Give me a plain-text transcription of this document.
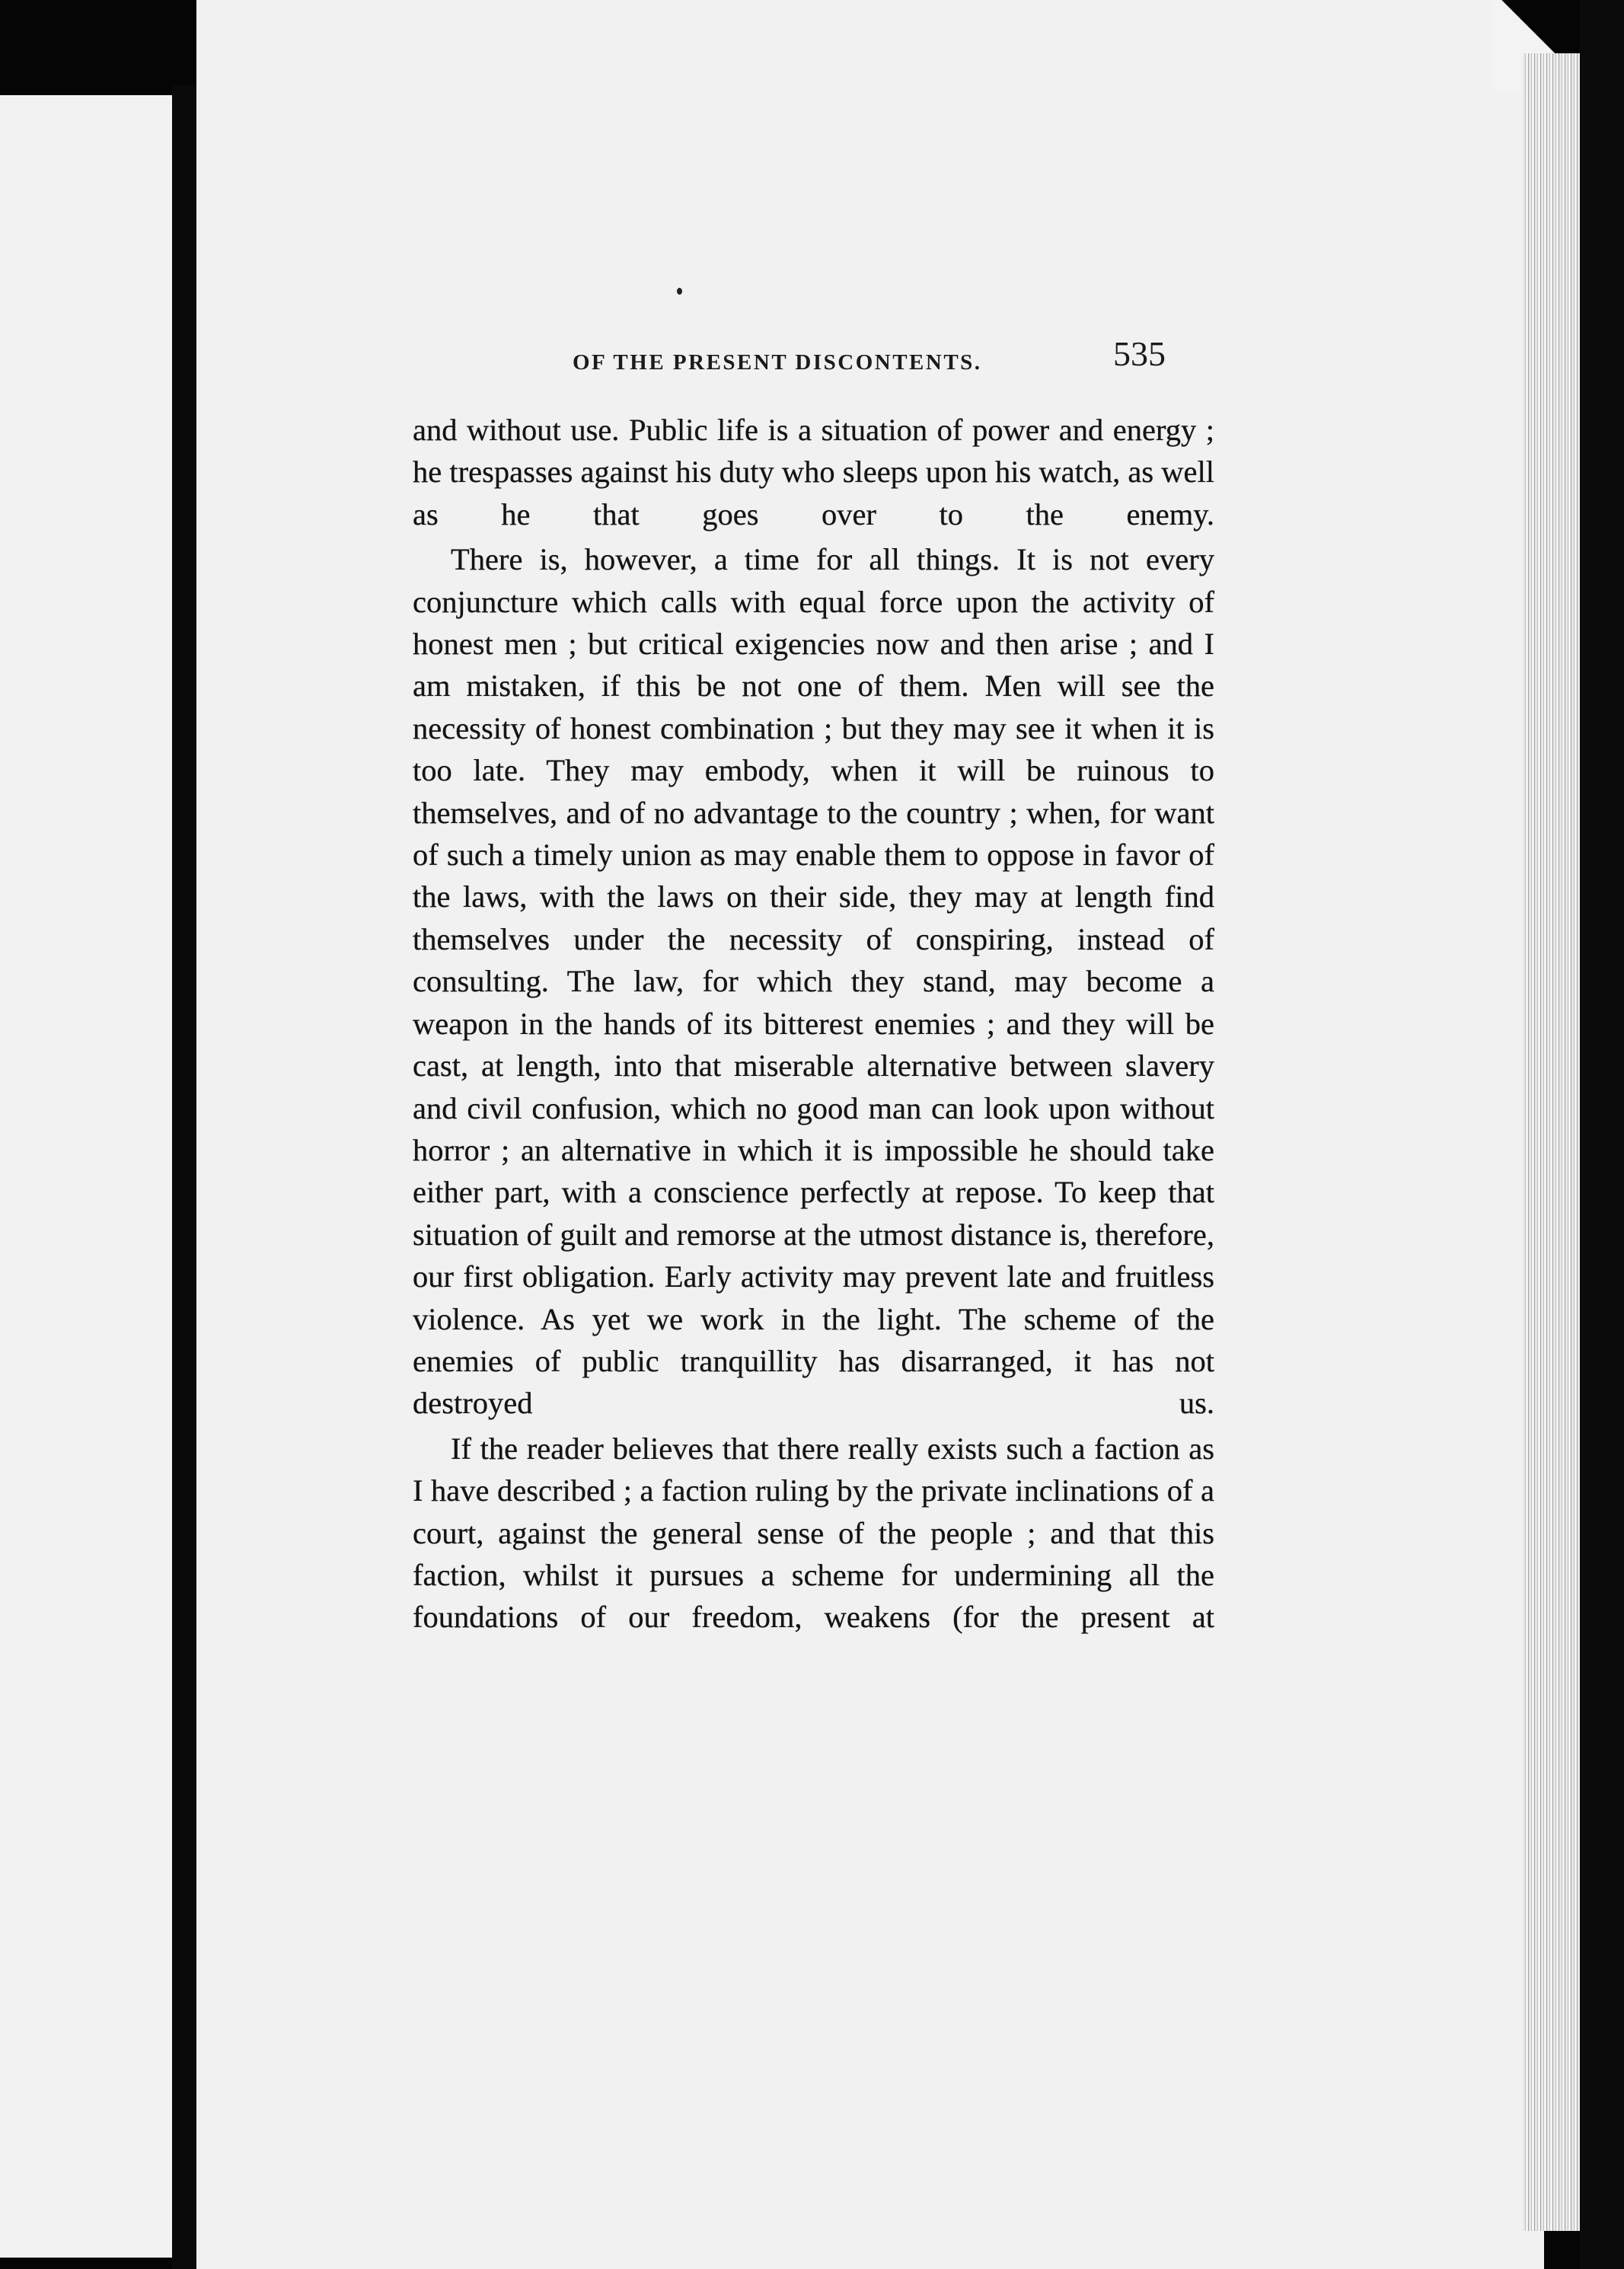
OF THE PRESENT DISCONTENTS.	535

and without use. Public life is a situation of power and energy ; he trespasses against his duty who sleeps upon his watch, as well as he that goes over to the enemy.

There is, however, a time for all things. It is not every conjuncture which calls with equal force upon the activity of honest men ; but critical exigencies now and then arise ; and I am mistaken, if this be not one of them. Men will see the necessity of honest combination ; but they may see it when it is too late. They may embody, when it will be ruinous to themselves, and of no advantage to the country ; when, for want of such a timely union as may enable them to oppose in favor of the laws, with the laws on their side, they may at length find themselves under the necessity of conspiring, instead of consulting. The law, for which they stand, may become a weapon in the hands of its bitterest enemies ; and they will be cast, at length, into that miserable alternative between slavery and civil confusion, which no good man can look upon without horror ; an alternative in which it is impossible he should take either part, with a conscience perfectly at repose. To keep that situation of guilt and remorse at the utmost distance is, therefore, our first obligation. Early activity may prevent late and fruitless violence. As yet we work in the light. The scheme of the enemies of public tranquillity has disarranged, it has not destroyed us.

If the reader believes that there really exists such a faction as I have described ; a faction ruling by the private inclinations of a court, against the general sense of the people ; and that this faction, whilst it pursues a scheme for undermining all the foundations of our freedom, weakens (for the present at
